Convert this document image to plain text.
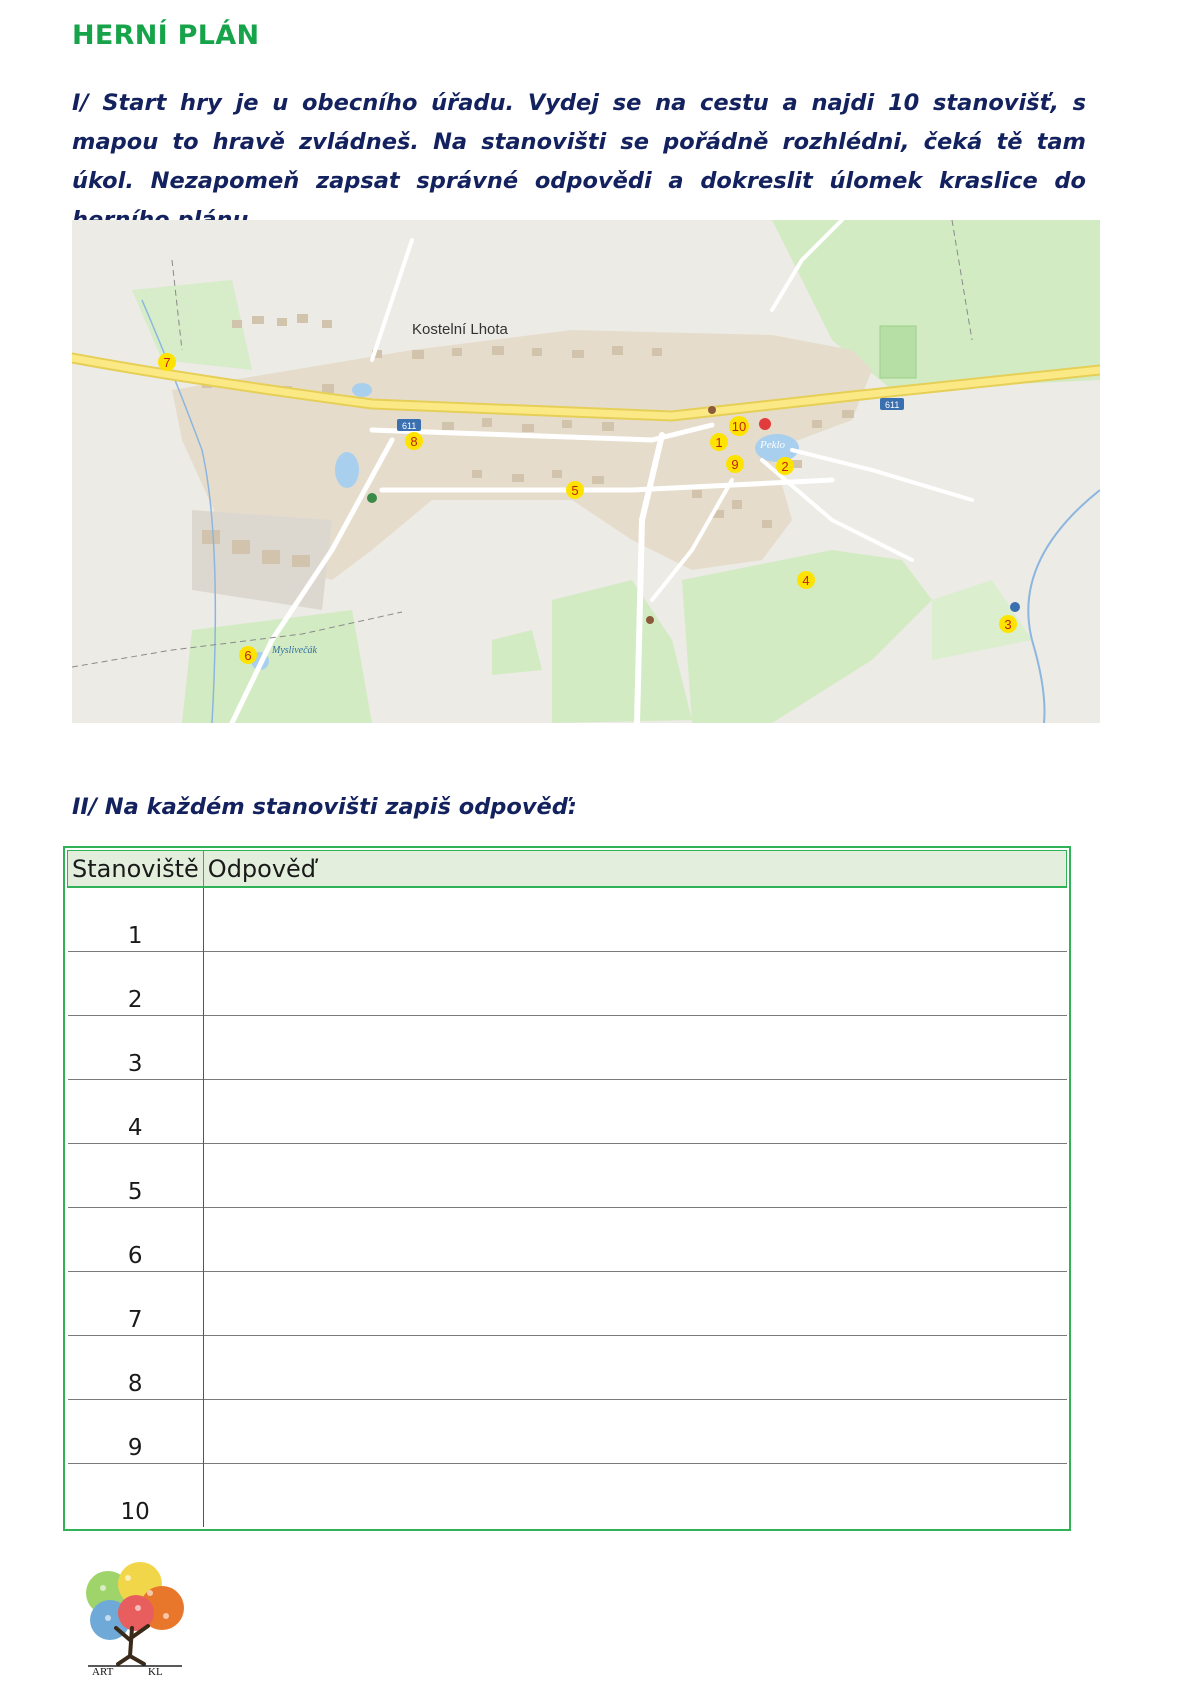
HERNÍ PLÁN

I/ Start hry je u obecního úřadu. Vydej se na cestu a najdi 10 stanovišť, s mapou to hravě zvládneš. Na stanovišti se pořádně rozhlédni, čeká tě tam úkol. Nezapomeň zapsat správné odpovědi a dokreslit úlomek kraslice do

Kostelní Lhota
611
611
Peklo
Myslivečák
1
2
3
4
5
6
7
8
9
10
II/ Na každém stanovišti zapiš odpověď:
Stanoviště	Odpověď
1	
2	
3	
4	
5	
6	
7	
8	
9	
10	
ART	KL
